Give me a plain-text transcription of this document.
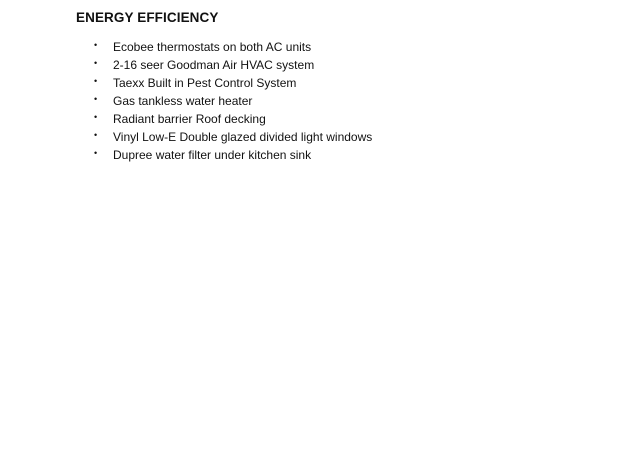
ENERGY EFFICIENCY
• Ecobee thermostats on both AC units
• 2-16 seer Goodman Air HVAC system
• Taexx Built in Pest Control System
• Gas tankless water heater
• Radiant barrier Roof decking
• Vinyl Low-E Double glazed divided light windows
• Dupree water filter under kitchen sink
